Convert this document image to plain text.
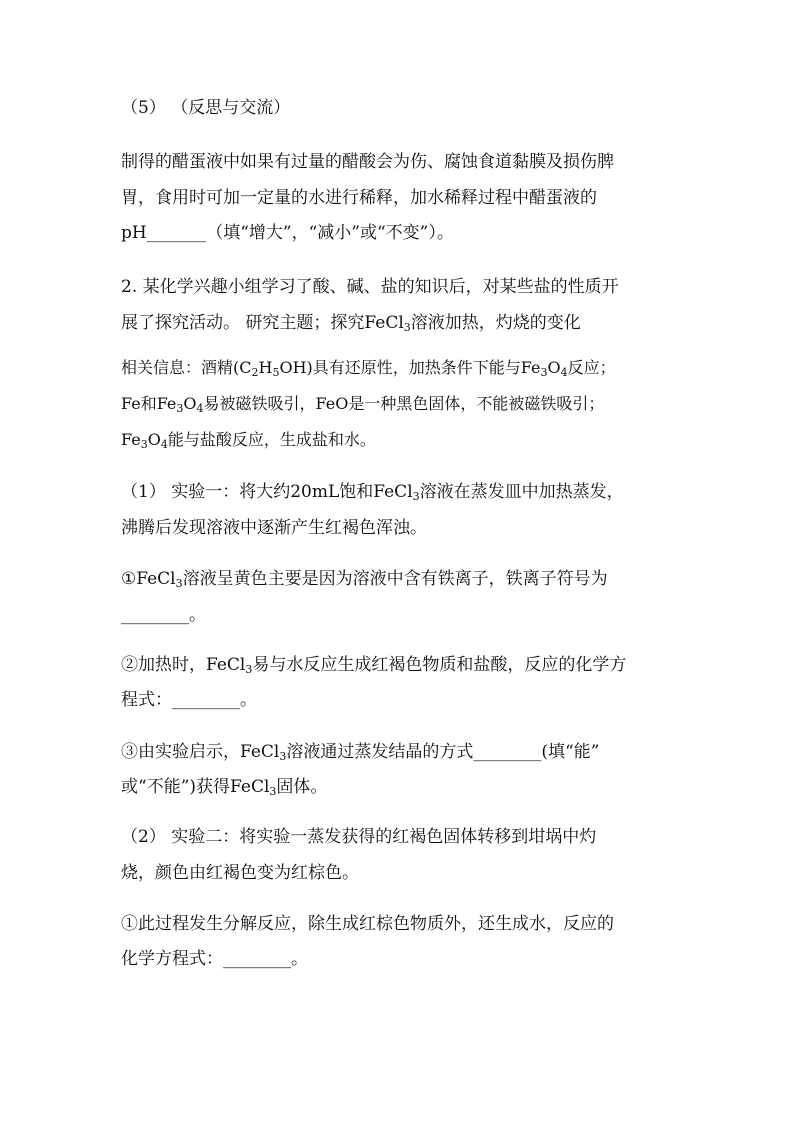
（5） （反思与交流）
制得的醋蛋液中如果有过量的醋酸会为伤、腐蚀食道黏膜及损伤脾
胃，食用时可加一定量的水进行稀释，加水稀释过程中醋蛋液的
pH_______（填“增大”，“减小”或“不变”）。
2. 某化学兴趣小组学习了酸、碱、盐的知识后，对某些盐的性质开
展了探究活动。 研究主题；探究FeCl$_3$溶液加热，灼烧的变化
相关信息：酒精$(C_2H_5OH)$具有还原性，加热条件下能与$Fe_3O_4$反应；
Fe和$Fe_3O_4$易被磁铁吸引，FeO是一种黑色固体，不能被磁铁吸引；
$Fe_3O_4$能与盐酸反应，生成盐和水。
（1） 实验一：将大约20mL饱和FeCl$_3$溶液在蒸发皿中加热蒸发，
沸腾后发现溶液中逐渐产生红褐色浑浊。
①FeCl$_3$溶液呈黄色主要是因为溶液中含有铁离子，铁离子符号为
________。
②加热时，FeCl$_3$易与水反应生成红褐色物质和盐酸，反应的化学方
程式：________。
③由实验启示，FeCl$_3$溶液通过蒸发结晶的方式________(填“能”
或“不能”)获得FeCl$_3$固体。
（2） 实验二：将实验一蒸发获得的红褐色固体转移到坩埚中灼
烧，颜色由红褐色变为红棕色。
①此过程发生分解反应，除生成红棕色物质外，还生成水，反应的
化学方程式：________。
